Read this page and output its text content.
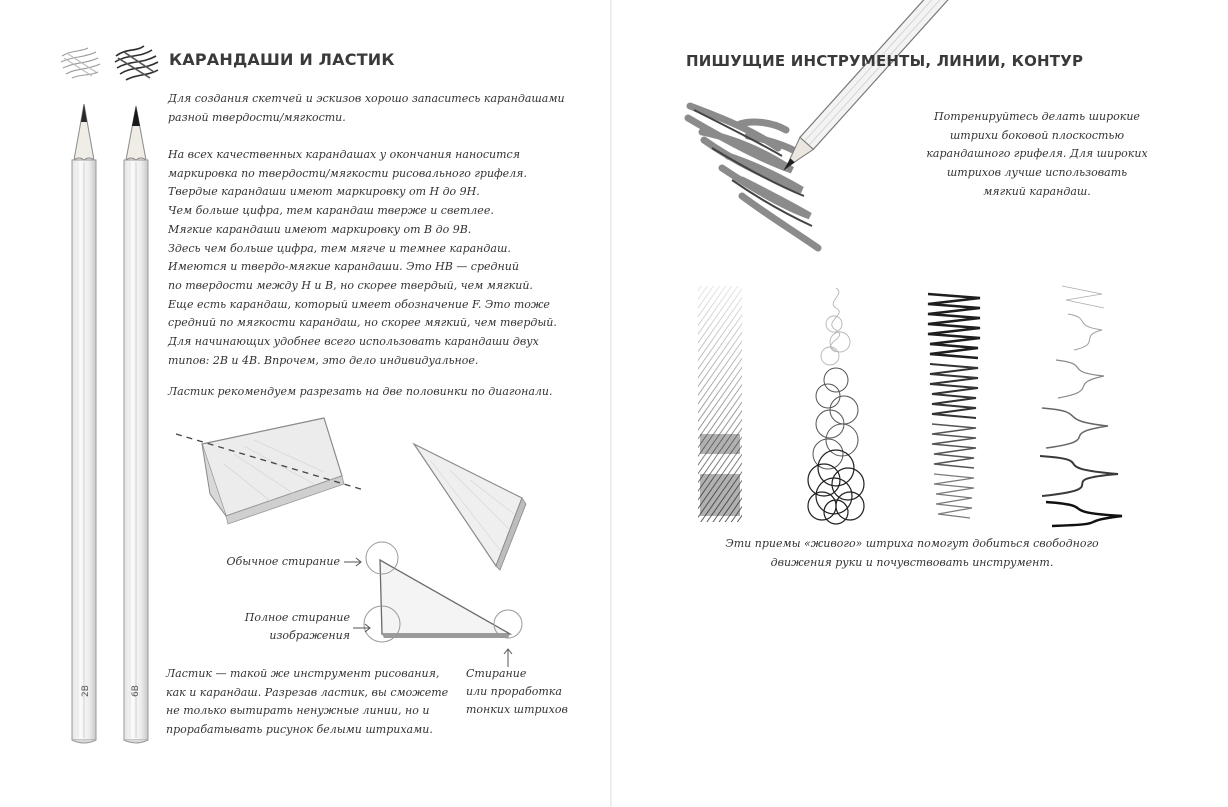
КАРАНДАШИ И ЛАСТИК
2B	6B
Для создания скетчей и эскизов хорошо запаситесь карандашами
разной твердости/мягкости.
На всех качественных карандашах у окончания наносится
маркировка по твердости/мягкости рисовального грифеля.
Твердые карандаши имеют маркировку от Н до 9Н.
Чем больше цифра, тем карандаш тверже и светлее.
Мягкие карандаши имеют маркировку от В до 9В.
Здесь чем больше цифра, тем мягче и темнее карандаш.
Имеются и твердо-мягкие карандаши. Это НВ — средний
по твердости между Н и В, но скорее твердый, чем мягкий.
Еще есть карандаш, который имеет обозначение F. Это тоже
средний по мягкости карандаш, но скорее мягкий, чем твердый.
Для начинающих удобнее всего использовать карандаши двух
типов: 2В и 4В. Впрочем, это дело индивидуальное.
Ластик рекомендуем разрезать на две половинки по диагонали.
Обычное стирание
Полное стирание
изображения
Стирание
или проработка
тонких штрихов
Ластик — такой же инструмент рисования,
как и карандаш. Разрезав ластик, вы сможете
не только вытирать ненужные линии, но и
прорабатывать рисунок белыми штрихами.
ПИШУЩИЕ ИНСТРУМЕНТЫ, ЛИНИИ, КОНТУР
Потренируйтесь делать широкие
штрихи боковой плоскостью
карандашного грифеля. Для широких
штрихов лучше использовать
мягкий карандаш.
Эти приемы «живого» штриха помогут добиться свободного
движения руки и почувствовать инструмент.
